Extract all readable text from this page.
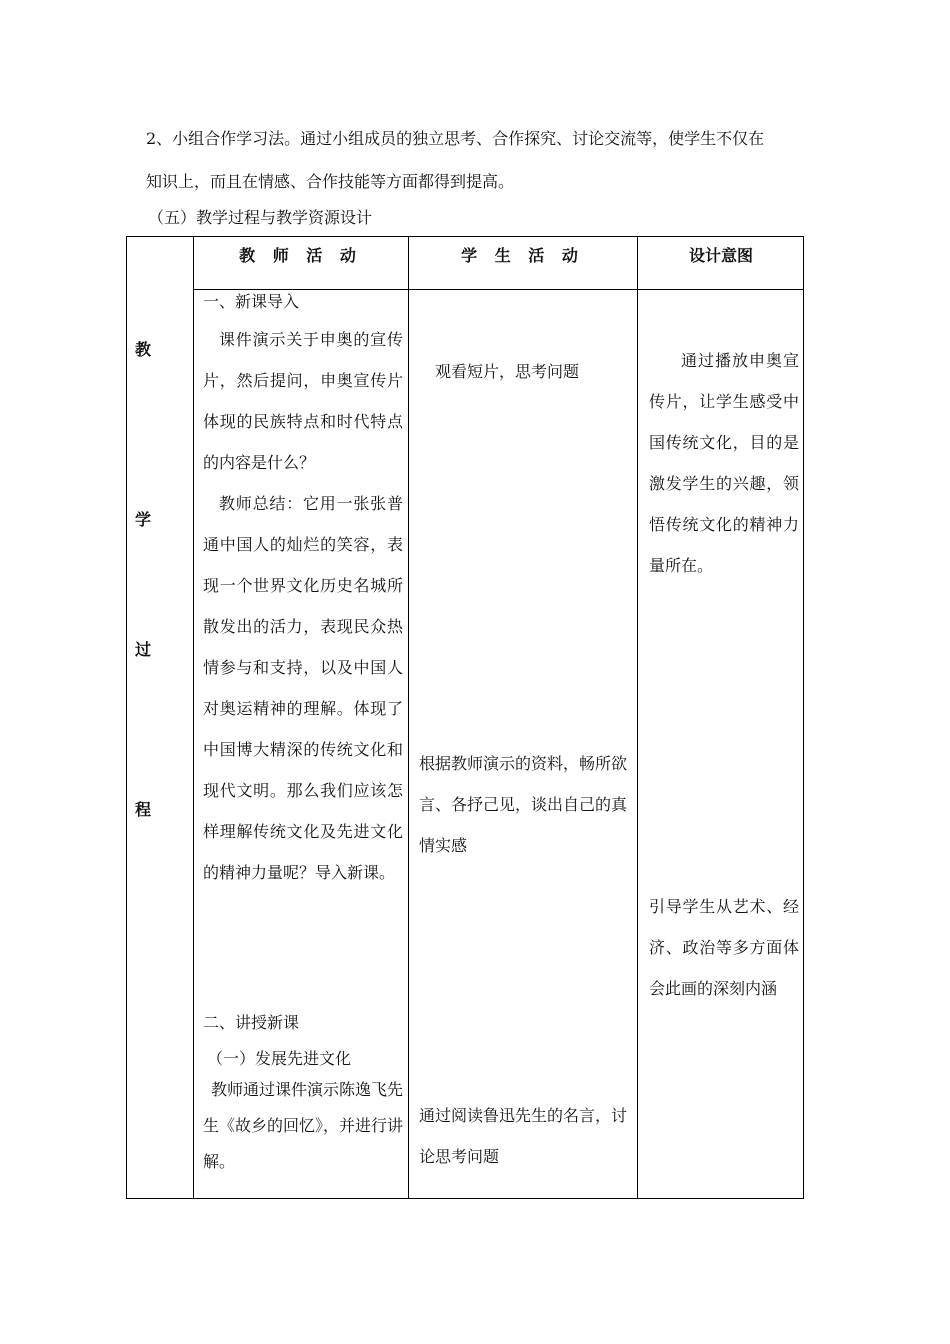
2、小组合作学习法。通过小组成员的独立思考、合作探究、讨论交流等，使学生不仅在
知识上，而且在情感、合作技能等方面都得到提高。
（五）教学过程与教学资源设计
教 师 活 动	学 生 活 动	设计意图
教
学
过
程
一、新课导入

课件演示关于申奥的宣传片，然后提问，申奥宣传片体现的民族特点和时代特点的内容是什么？

教师总结：它用一张张普通中国人的灿烂的笑容，表现一个世界文化历史名城所散发出的活力，表现民众热情参与和支持，以及中国人对奥运精神的理解。体现了中国博大精深的传统文化和现代文明。那么我们应该怎样理解传统文化及先进文化的精神力量呢？导入新课。

二、讲授新课
（一）发展先进文化
教师通过课件演示陈逸飞先生《故乡的回忆》，并进行讲解。
观看短片，思考问题
根据教师演示的资料，畅所欲言、各抒己见，谈出自己的真情实感
通过阅读鲁迅先生的名言，讨论思考问题
通过播放申奥宣传片，让学生感受中国传统文化，目的是激发学生的兴趣，领悟传统文化的精神力量所在。
引导学生从艺术、经济、政治等多方面体会此画的深刻内涵
